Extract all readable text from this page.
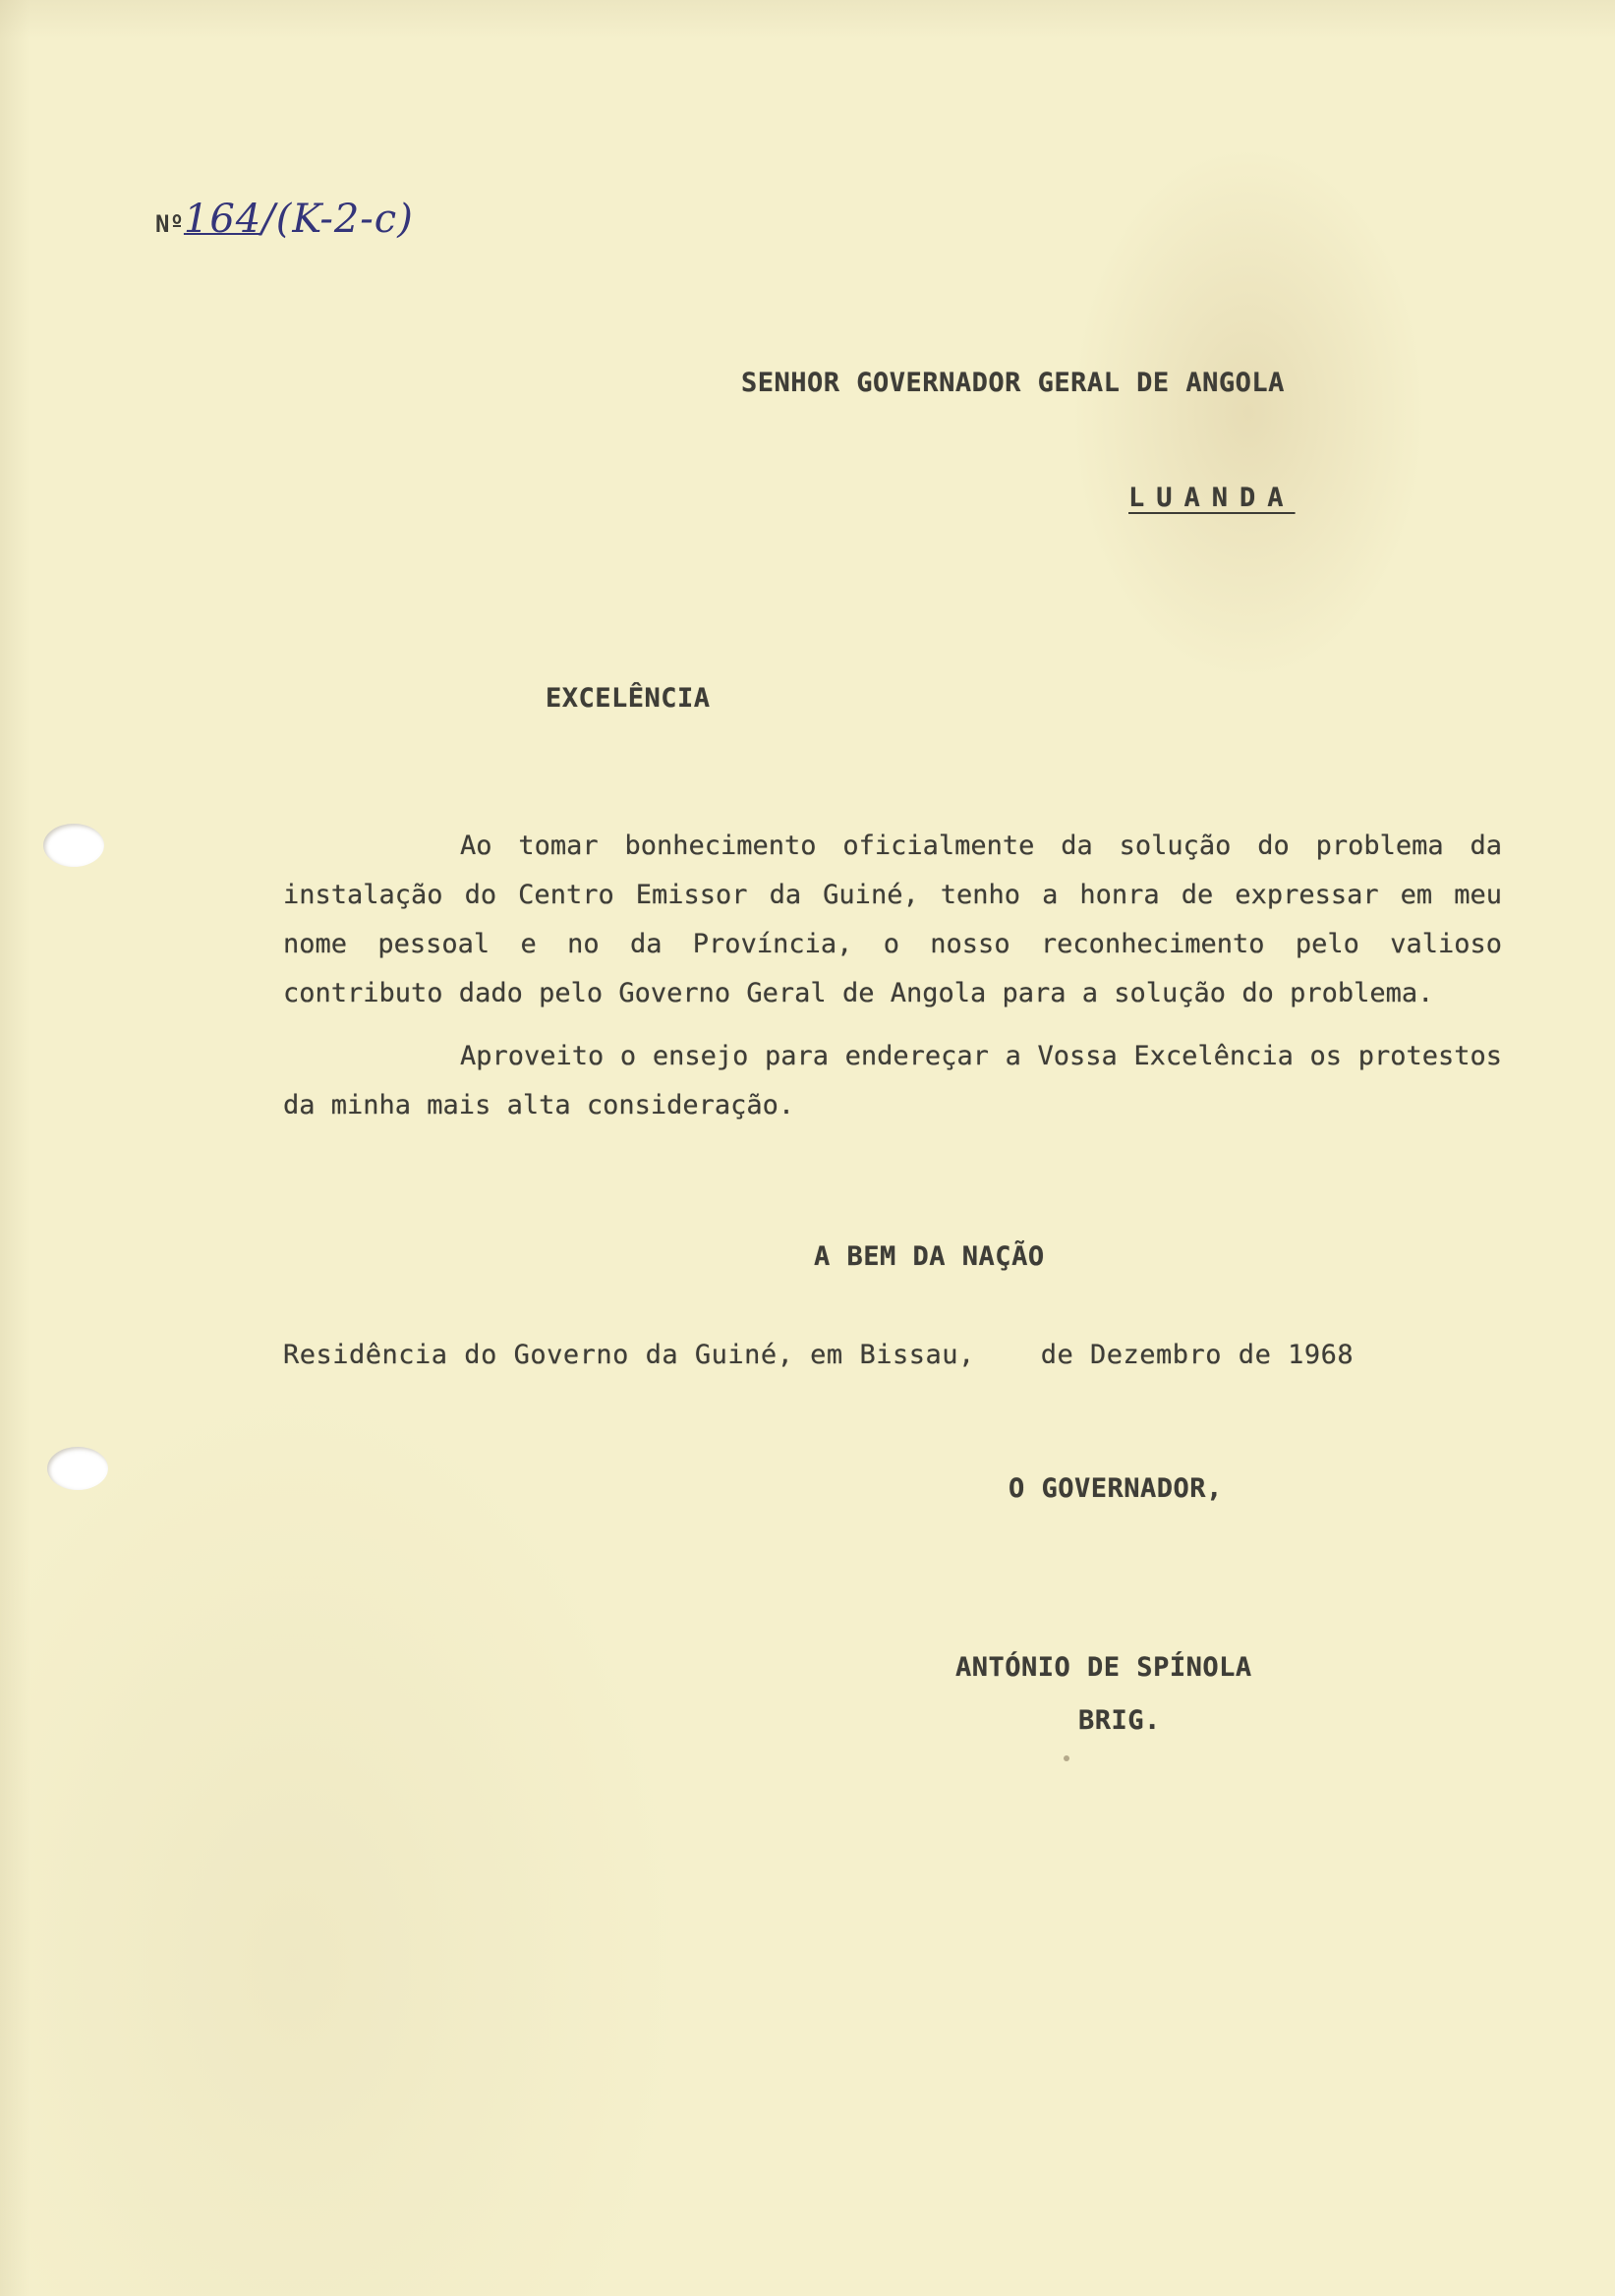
Nº164/(K-2-c)
SENHOR GOVERNADOR GERAL DE ANGOLA
LUANDA
EXCELÊNCIA

Ao tomar bonhecimento oficialmente da solução do problema da instalação do Centro Emissor da Guiné, tenho a honra de expressar em meu nome pessoal e no da Província, o nosso reconhecimento pelo valioso contributo dado pelo Governo Geral de Angola para a solução do problema.

Aproveito o ensejo para endereçar a Vossa Excelência os protestos da minha mais alta consideração.

A BEM DA NAÇÃO
Residência do Governo da Guiné, em Bissau,    de Dezembro de 1968
O GOVERNADOR,
ANTÓNIO DE SPÍNOLA
BRIG.
